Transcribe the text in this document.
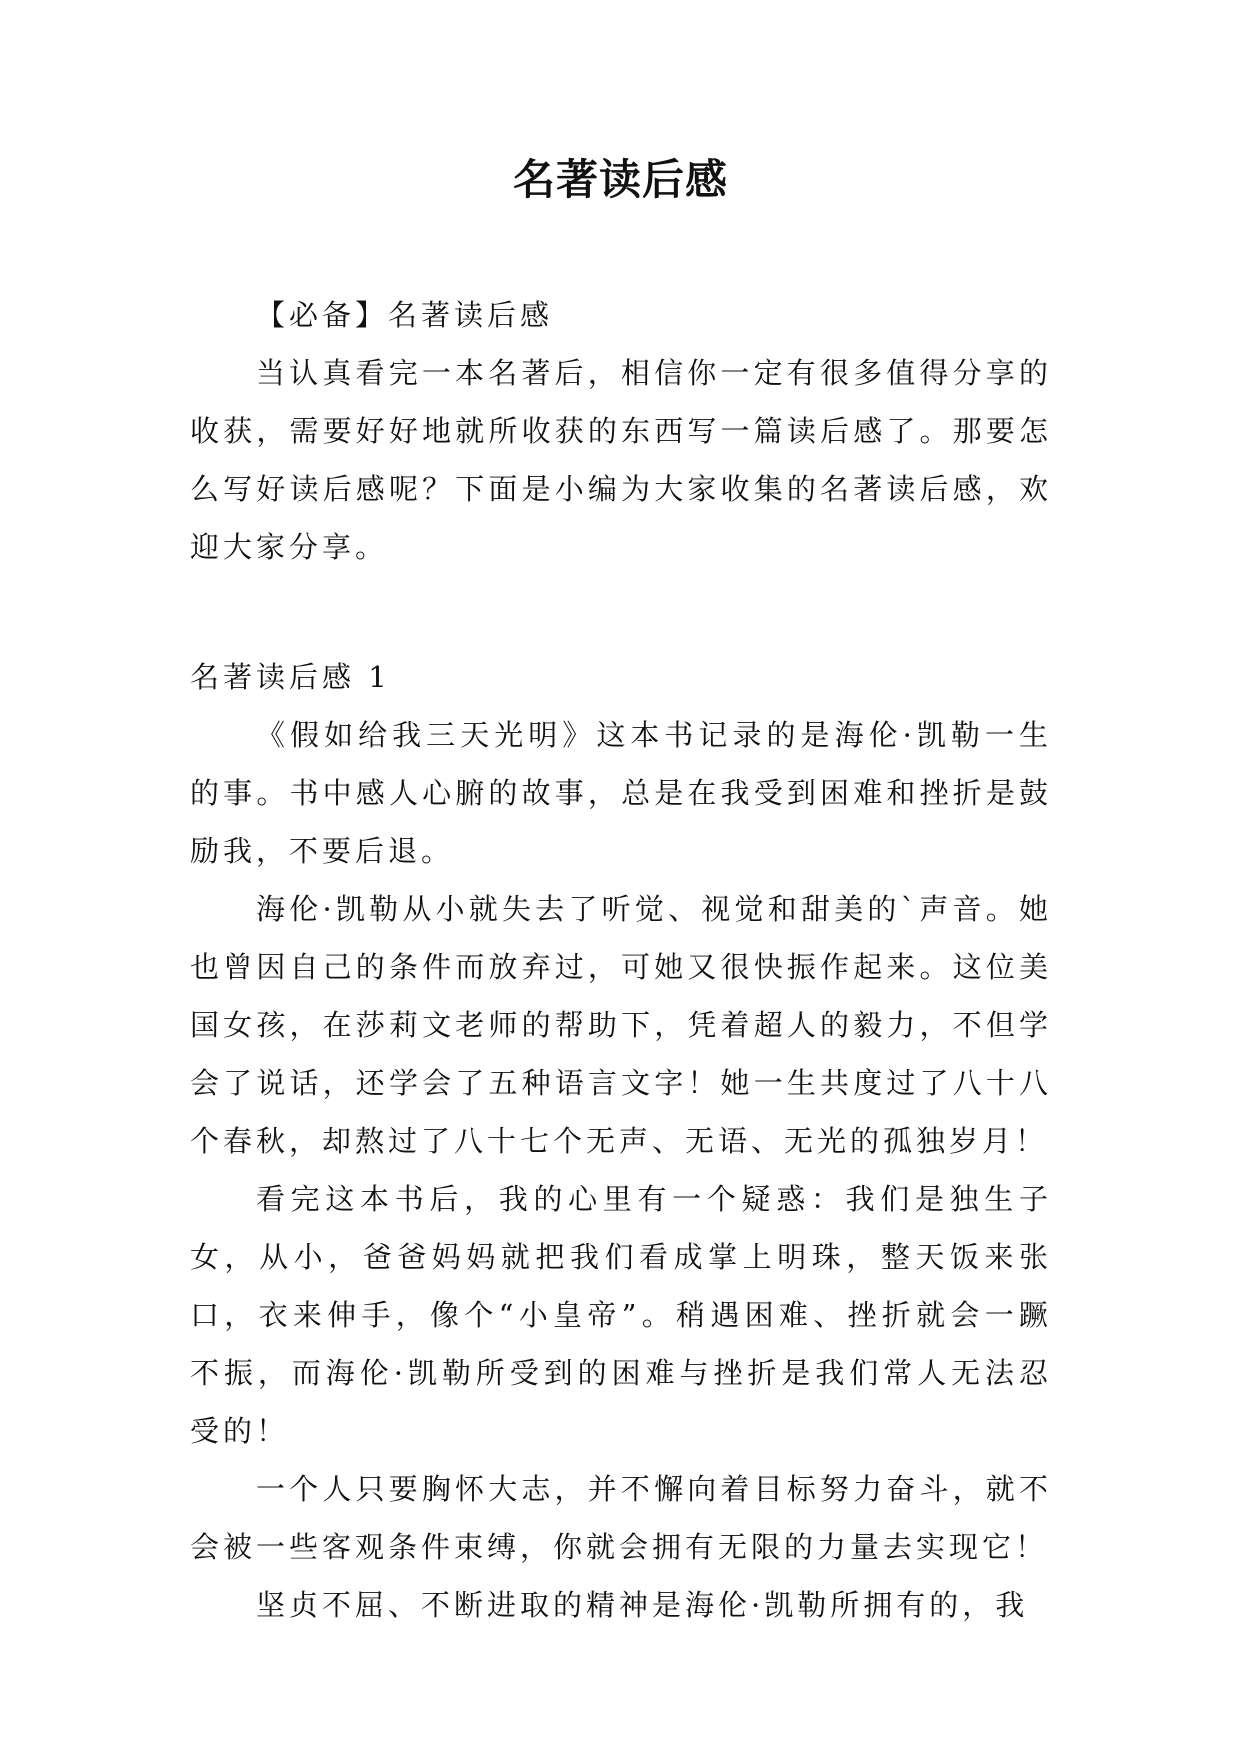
名著读后感

【必备】名著读后感

当认真看完一本名著后，相信你一定有很多值得分享的收获，需要好好地就所收获的东西写一篇读后感了。那要怎么写好读后感呢？下面是小编为大家收集的名著读后感，欢迎大家分享。

名著读后感 1

《假如给我三天光明》这本书记录的是海伦·凯勒一生的事。书中感人心腑的故事，总是在我受到困难和挫折是鼓励我，不要后退。

海伦·凯勒从小就失去了听觉、视觉和甜美的`声音。她也曾因自己的条件而放弃过，可她又很快振作起来。这位美国女孩，在莎莉文老师的帮助下，凭着超人的毅力，不但学会了说话，还学会了五种语言文字！她一生共度过了八十八个春秋，却熬过了八十七个无声、无语、无光的孤独岁月！

看完这本书后，我的心里有一个疑惑：我们是独生子女，从小，爸爸妈妈就把我们看成掌上明珠，整天饭来张口，衣来伸手，像个“小皇帝”。稍遇困难、挫折就会一蹶不振，而海伦·凯勒所受到的困难与挫折是我们常人无法忍受的！

一个人只要胸怀大志，并不懈向着目标努力奋斗，就不会被一些客观条件束缚，你就会拥有无限的力量去实现它！

坚贞不屈、不断进取的精神是海伦·凯勒所拥有的，我
